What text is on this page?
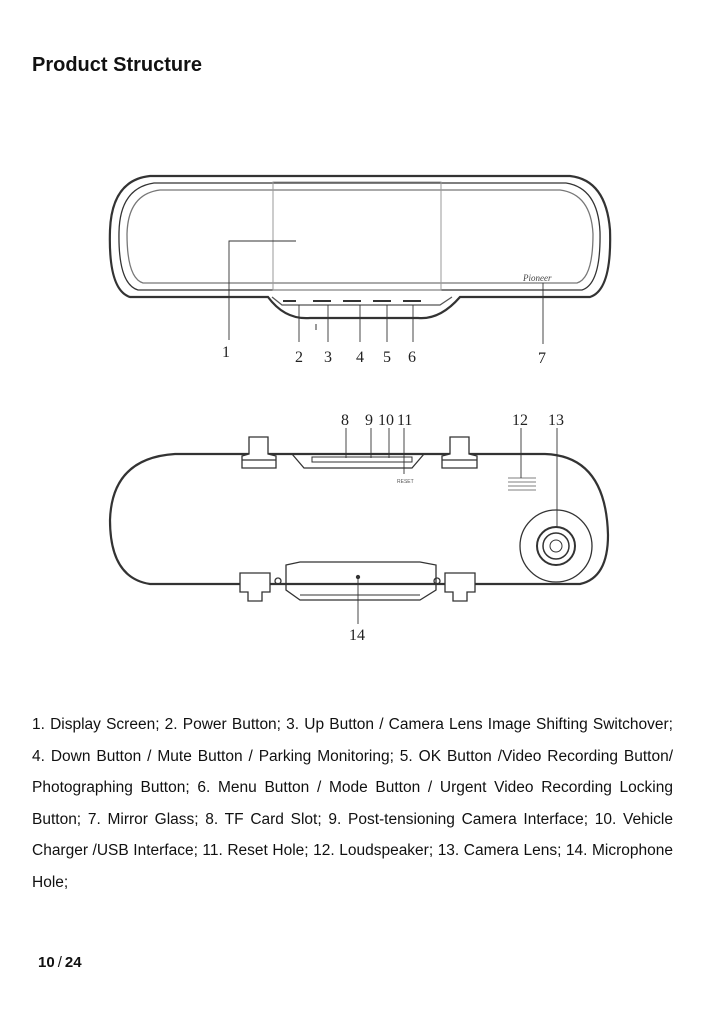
Product Structure
Pioneer
1	2 3 4 5 6	7
RESET
8 9 10 11	12 13
14

1. Display Screen; 2. Power Button; 3. Up Button / Camera Lens Image Shifting Switchover; 4. Down Button / Mute Button / Parking Monitoring; 5. OK Button /Video Recording Button/ Photographing Button; 6. Menu Button / Mode Button / Urgent Video Recording Locking Button; 7. Mirror Glass; 8. TF Card Slot; 9. Post-tensioning Camera Interface; 10. Vehicle Charger /USB Interface; 11. Reset Hole; 12. Loudspeaker; 13. Camera Lens; 14. Microphone Hole;

10 / 24
